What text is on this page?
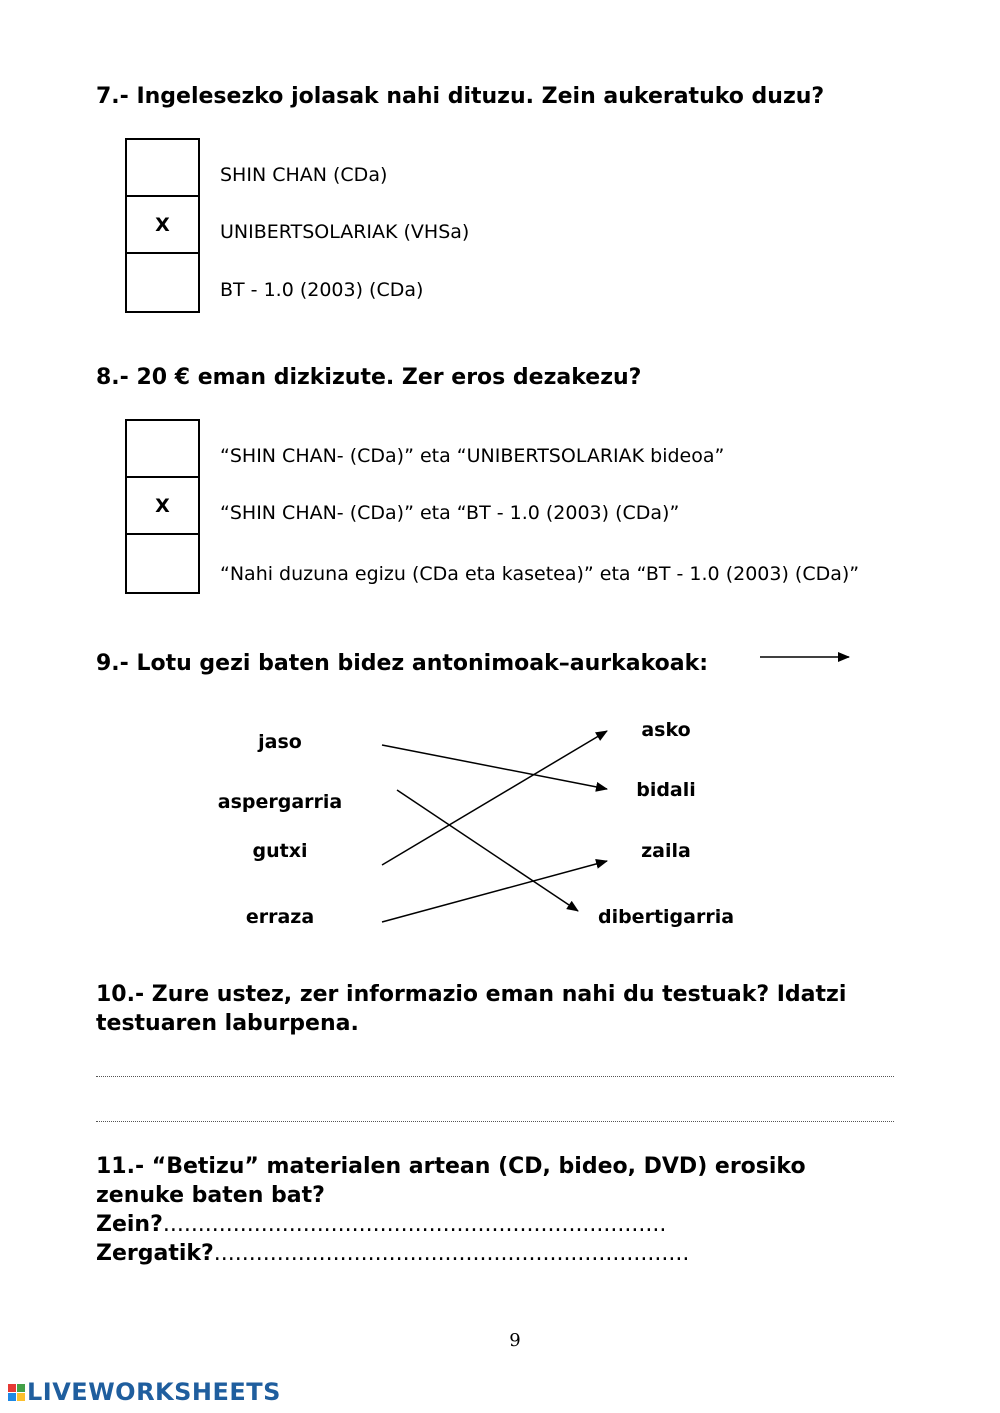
7.- Ingelesezko jolasak nahi dituzu. Zein aukeratuko duzu?
X
SHIN CHAN (CDa)
UNIBERTSOLARIAK (VHSa)
BT - 1.0 (2003) (CDa)
8.- 20 € eman dizkizute. Zer eros dezakezu?
X
“SHIN CHAN- (CDa)” eta “UNIBERTSOLARIAK bideoa”
“SHIN CHAN- (CDa)” eta “BT - 1.0 (2003) (CDa)”
“Nahi duzuna egizu (CDa eta kasetea)” eta “BT - 1.0 (2003) (CDa)”
9.- Lotu gezi baten bidez antonimoak–aurkakoak:
jaso
aspergarria
gutxi
erraza
asko
bidali
zaila
dibertigarria
10.- Zure ustez, zer informazio eman nahi du testuak? Idatzi
testuaren laburpena.
11.- “Betizu” materialen artean (CD, bideo, DVD) erosiko
zenuke baten bat?
Zein?........................................................................
Zergatik?....................................................................
9
LIVEWORKSHEETS
